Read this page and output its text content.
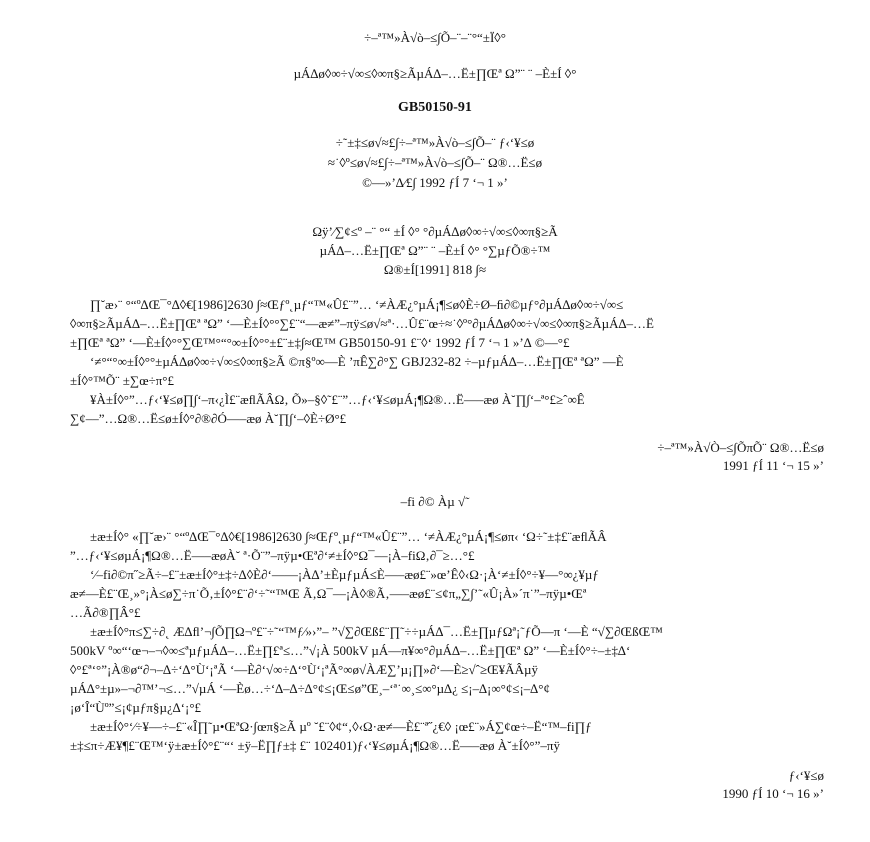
÷–ª™»À√ò–≤∫Õ–¨–¨°“±Ï◊°
µÁ∆ø◊∞÷√∞≤◊∞π§≥ÃµÁ∆–…Ë±∏Œª Ω”¨ ¨ –È±Í ◊°
GB50150-91
÷˜±‡≤ø√≈£∫÷–ª™»À√ò–≤∫Õ–¨ ƒ‹‘¥≤ø
≈˙◊º≤ø√≈£∫÷–ª™»À√ò–≤∫Õ–¨ Ω®…Ë≤ø
©––»’∆⁄£∫ 1992 ƒÍ 7 ‘¬ 1 »’
Ωÿ’⁄∑¢≤º –¨ °“ ±Í ◊° °∂µÁ∆ø◊∞÷√∞≤◊∞π§≥Ã
µÁ∆–…Ë±∏Œª Ω”¨ ¨ –È±Í ◊° °∑µƒÕ®÷™
Ω®±Í[1991] 818 ∫≈
∏˘æ›¨ °“º∆Œ¯°∆◊€[1986]2630 ∫≈Œƒº˛µƒ“™«Û£¨”… ‘≠ÀÆ¿°µÁ¡¶≤ø◊È÷Ø–ﬁ∂©µƒ°∂µÁ∆ø◊∞÷√∞≤
◊∞π§≥ÃµÁ∆–…Ë±∏Œª ªΩ” ‘—È±Í◊°°∑£¨“—æ≠”–πÿ≤ø√≈ª·…Û£¨œ÷≈˙◊º°∂µÁ∆ø◊∞÷√∞≤◊∞π§≥ÃµÁ∆–…Ë
±∏Œª ªΩ” ‘—È±Í◊°°∑Œ™°“°∞±Í◊°°±£¨±‡∫≈Œ™ GB50150-91 £¨◊‘ 1992 ƒÍ 7 ‘¬ 1 »’∆ ©––°£
‘≠°“°∞±Í◊°°±µÁ∆ø◊∞÷√∞≤◊∞π§≥Ã ©π§º∞—È ’πÊ∑∂°∑ GBJ232-82 ÷–µƒµÁ∆–…Ë±∏Œª ªΩ” —È
±Í◊°™Õ¨ ±∑œ÷π°£
¥À±Í◊°”…ƒ‹‘¥≤ø∏∫‘–π‹¿Ì£¨æﬂÃÂΩ‚ Õ»–§◊˜£¨”…ƒ‹‘¥≤øµÁ¡¶Ω®…Ë—–æø À˘∏∫‘–ª°£≥ˆ∞Ê
∑¢––”…Ω®…Ë≤ø±Í◊°∂®∂Ó—–æø À˘∏∫‘–◊È÷Ø°£
÷–ª™»À√Ò–≤∫ÕπÕ¨ Ω®…Ë≤ø
1991 ƒÍ 11 ‘¬ 15 »’
–fi ∂© Àµ √˜
±æ±Í◊° «∏˘æ›¨ °“º∆Œ¯°∆◊€[1986]2630 ∫≈Œƒº˛µƒ“™«Û£¨”… ‘≠ÀÆ¿°µÁ¡¶≤øπ‹ ‘Ω÷˜±‡£¨æﬂÃÂ
”…ƒ‹‘¥≤øµÁ¡¶Ω®…Ë—–æøÀ˘ ª·Õ¨”–πÿµ•Œª∂‘≠±Í◊°Ω¯––¡À–fiΩ‚∂¯≥…°£
‘⁄–fi∂©π˝≥Ã÷–£¨±æ±Í◊°±‡÷∆◊È∂‘——¡À∆’±ÈµƒµÁ≤È—–æø£¨»œ’Ê◊‹Ω·¡À‘≠±Í◊°÷¥––°∞¿¥µƒ
æ≠—È£¨Œ¸»°¡À≤ø∑÷π˙Õ‚±Í◊°£¨∂‘÷˜“™Œ Ã‚Ω¯––¡À◊®Ã‚—–æø£¨≤¢π„∑∫’˜«Û¡À»´π˙”–πÿµ•Œª
…Ã∂®∏Â°£
±æ±Í◊°π≤∑÷∂˛ Æ∆ﬂ’¬∫Õ∏Ω¬º£¨÷˜“™ƒ⁄»›”– ”√∑∂Œß£¨∏˜÷÷µÁ∆¯…Ë±∏µƒΩª¡˜ƒÕ—π ‘—È “√∑∂ŒßŒ™
500kV º∞“‘œ¬–¬◊∞≤ªµƒµÁ∆–…Ë±∏£ª≤…”√¡À 500kV µÁ—π¥∞°∂µÁ∆–…Ë±∏Œª Ω” ‘—È±Í◊°÷–±‡∆‘
◊°£ª‘°”¡À®ø“∂¬–∆÷‘∆°Ù‘¡ªÃ ‘—È∂‘√∞÷∆‘°Ù‘¡ªÃ°∞ø√ÀÆ∑’µ¡∏»∂‘—È≥√ˆ≥Œ¥ÃÂµÿ
µÁ∆°±µ»–¬∂™’¬≤…”√µÁ ‘—Èø…÷‘∆–∆÷∆°¢≤¡Œ≤ø”Œ¸–‘ª˙∞¸≤∞°µ∆¿ ≤¡–∆¡∞°¢≤¡–∆°¢
¡ø‘Î“Ùº”≤¡¢µƒπ§µ¿∆‘¡°£
±æ±Í◊°‘⁄÷¥––÷–£¨«Î∏˜µ•ŒªΩ·∫œπ§≥Ã µº ˘£¨◊¢“‚◊‹Ω·æ≠—È£¨ª˝¿€◊ ¡œ£¨»Á∑¢œ÷–Ë“™–fi∏ƒ
±‡≤π÷Æ¥¶£¨Œ™‘ÿ±æ±Í◊°£¨“‘ ±ÿ–Ë∏ƒ±‡ £¨ 102401)ƒ‹‘¥≤øµÁ¡¶Ω®…Ë—–æø À˘±Í◊°”–πÿ
ƒ‹‘¥≤ø
1990 ƒÍ 10 ‘¬ 16 »’
